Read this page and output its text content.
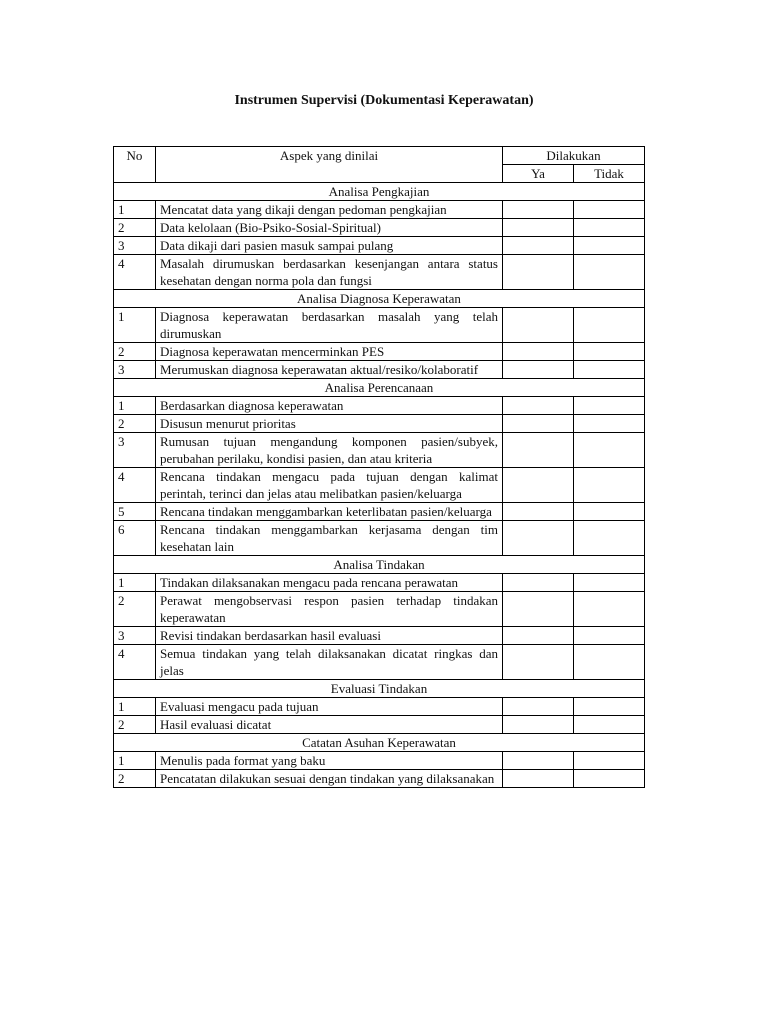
Instrumen Supervisi (Dokumentasi Keperawatan)
No	Aspek yang dinilai	Dilakukan	
		Ya	Tidak
Analisa Pengkajian			
1	Mencatat data yang dikaji dengan pedoman pengkajian		
2	Data kelolaan (Bio-Psiko-Sosial-Spiritual)		
3	Data dikaji dari pasien masuk sampai pulang		
4	Masalah dirumuskan berdasarkan kesenjangan antara status kesehatan dengan norma pola dan fungsi		
Analisa Diagnosa Keperawatan			
1	Diagnosa keperawatan berdasarkan masalah yang telah dirumuskan		
2	Diagnosa keperawatan mencerminkan PES		
3	Merumuskan diagnosa keperawatan aktual/resiko/kolaboratif		
Analisa Perencanaan			
1	Berdasarkan diagnosa keperawatan		
2	Disusun menurut prioritas		
3	Rumusan tujuan mengandung komponen pasien/subyek, perubahan perilaku, kondisi pasien, dan atau kriteria		
4	Rencana tindakan mengacu pada tujuan dengan kalimat perintah, terinci dan jelas atau melibatkan pasien/keluarga		
5	Rencana tindakan menggambarkan keterlibatan pasien/keluarga		
6	Rencana tindakan menggambarkan kerjasama dengan tim kesehatan lain		
Analisa Tindakan			
1	Tindakan dilaksanakan mengacu pada rencana perawatan		
2	Perawat mengobservasi respon pasien terhadap tindakan keperawatan		
3	Revisi tindakan berdasarkan hasil evaluasi		
4	Semua tindakan yang telah dilaksanakan dicatat ringkas dan jelas		
Evaluasi Tindakan			
1	Evaluasi mengacu pada tujuan		
2	Hasil evaluasi dicatat		
Catatan Asuhan Keperawatan			
1	Menulis pada format yang baku		
2	Pencatatan dilakukan sesuai dengan tindakan yang dilaksanakan		
